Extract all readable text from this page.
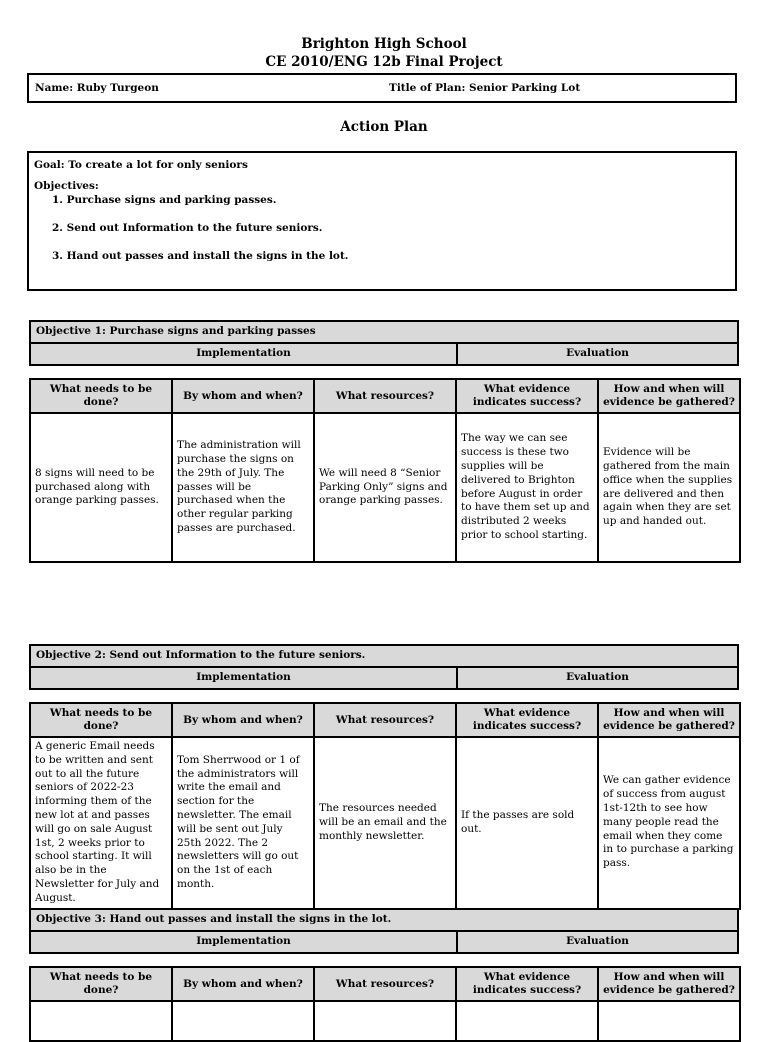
Brighton High School
CE 2010/ENG 12b Final Project
Name: Ruby Turgeon	Title of Plan: Senior Parking Lot
Action Plan
Goal: To create a lot for only seniors
Objectives:
1. Purchase signs and parking passes.
2. Send out Information to the future seniors.
3. Hand out passes and install the signs in the lot.
Objective 1: Purchase signs and parking passes
Implementation	Evaluation
What needs to be done?	By whom and when?	What resources?	What evidence indicates success?	How and when will evidence be gathered?
8 signs will need to be purchased along with orange parking passes.	The administration will purchase the signs on the 29th of July. The passes will be purchased when the other regular parking passes are purchased.	We will need 8 “Senior Parking Only” signs and orange parking passes.	The way we can see success is these two supplies will be delivered to Brighton before August in order to have them set up and distributed 2 weeks prior to school starting.	Evidence will be gathered from the main office when the supplies are delivered and then again when they are set up and handed out.
Objective 2: Send out Information to the future seniors.
Implementation	Evaluation
What needs to be done?	By whom and when?	What resources?	What evidence indicates success?	How and when will evidence be gathered?
A generic Email needs to be written and sent out to all the future seniors of 2022-23 informing them of the new lot at and passes will go on sale August 1st, 2 weeks prior to school starting. It will also be in the Newsletter for July and August.	Tom Sherrwood or 1 of the administrators will write the email and section for the newsletter. The email will be sent out July 25th 2022. The 2 newsletters will go out on the 1st of each month.	The resources needed will be an email and the monthly newsletter.	If the passes are sold out.	We can gather evidence of success from august 1st-12th to see how many people read the email when they come in to purchase a parking pass.
Objective 3: Hand out passes and install the signs in the lot.
Implementation	Evaluation
What needs to be done?	By whom and when?	What resources?	What evidence indicates success?	How and when will evidence be gathered?
